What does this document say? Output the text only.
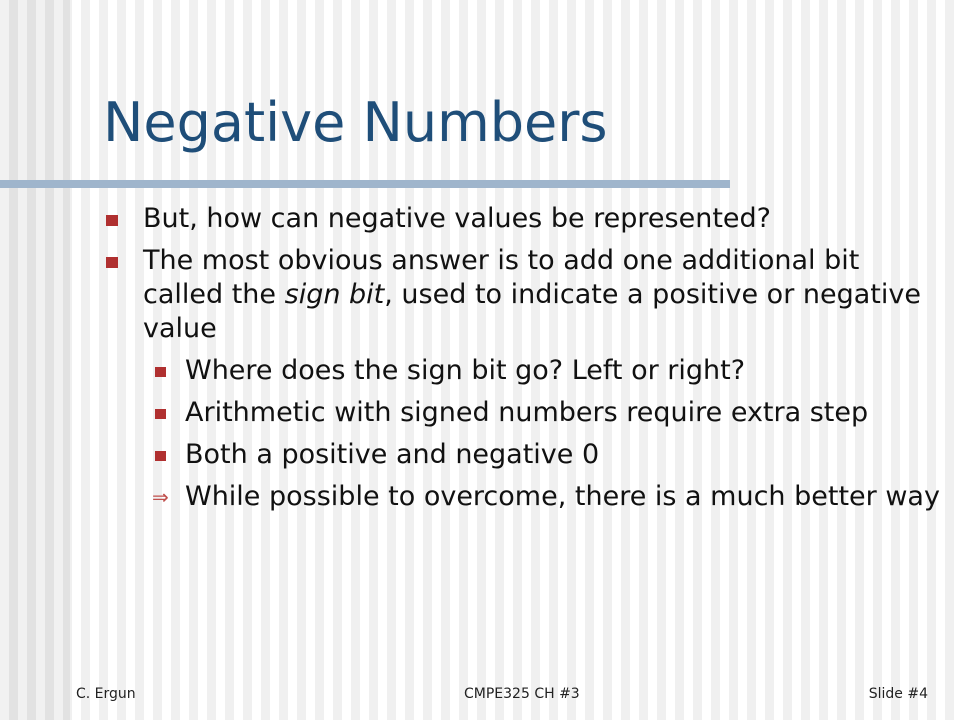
Negative Numbers
But, how can negative values be represented?
The most obvious answer is to add one additional bit called the sign bit, used to indicate a positive or negative value
Where does the sign bit go? Left or right?
Arithmetic with signed numbers require extra step
Both a positive and negative 0
⇒ While possible to overcome, there is a much better way
C. Ergun	CMPE325 CH #3	Slide #4
